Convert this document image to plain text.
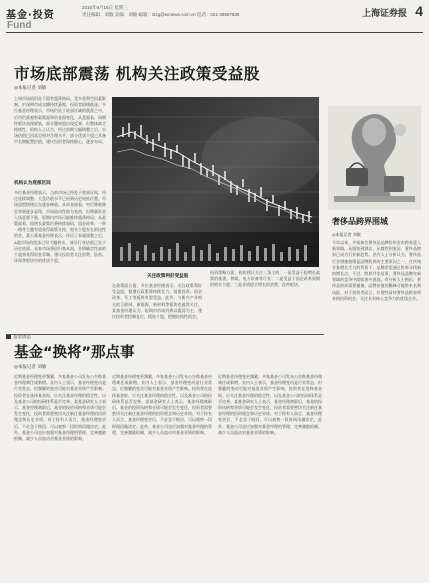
基金·投资
Fund
2015年9月16日 星期三
责任编辑：刘敏 美编：刘敏 邮箱：stzg@scnews.com.cn 电话：021-38967538	上海证券报 4
市场底部震荡 机构关注政策受益股
◎本报记者 刘敏
上周市场依旧处于弱势震荡格局，受多重利空因素影响，沪深两市成交额持续萎缩，投资者情绪低迷。多位基金经理表示，市场仍处于底部区域的震荡之中，后市仍需观察政策面和资金面变化。从盘面看，周期性板块表现疲软，部分题材股出现反弹，但整体缺乏持续性。机构人士认为，经过前期大幅调整之后，市场估值已回落至相对合理水平，部分优质个股已具备中长期配置价值，建议投资者保持耐心，逐步布局。
机构认为底部区间
多位基金经理表示，当前市场已经处于底部区间，经过连续调整，大盘估值水平已回到历史较低位置，市场恐慌情绪正在逐步释放。从资金面看，央行降准降息效果逐步显现，市场流动性较为充裕，但增量资金入场意愿不强，短期内市场可能维持震荡格局。从政策面看，稳增长政策仍将持续加码，国企改革、一带一路等主题有望获得政策支持，相关个股存在阶段性机会。某公募基金经理表示，经历了本轮调整之后，A股市场的泡沫已经大幅挤出，部分行业估值已处于历史底部。未来市场将回归基本面，业绩确定性高的个股将获得资金青睐，建议投资者关注消费、医药、环保等板块中的优质个股。
关注政策利好受益股
在政策面方面，多位基金经理表示，关注政策利好受益股，稳增长政策将持续发力，基建投资、国企改革、军工等板块有望受益。此外，与新兴产业相关的互联网、新能源、新材料等板块也值得关注。某基金经理认为，短期内市场仍将以震荡为主，建议投资者控制仓位，精选个股，把握结构性机会。
投资策略方面，机构建议关注三条主线：一是受益于稳增长政策的基建、铁路、电力设备等行业；二是受益于国企改革预期的相关个股；三是业绩稳定增长的消费、医药板块。
奢侈品跨界围城
◎本报记者 刘敏
今年以来，多家知名奢侈品品牌纷纷宣布跨界进入新领域，从服装到酒店，从餐饮到家居，奢侈品跨界已成为行业新趋势。业内人士分析认为，奢侈品行业增速放缓是品牌跨界的主要原因之一，在传统业务增长乏力的背景下，品牌希望通过跨界寻找新的增长点。不过，跨界并非易事，奢侈品品牌在新领域的竞争中面临诸多挑战。有分析人士指出，奢侈品跨界需要谨慎，品牌价值的稀释可能带来长期风险。对于投资者而言，应理性看待奢侈品跨界带来的投资机会，关注具有核心竞争力的优质企业。
基金动态
基金“换将”那点事
◎本报记者 刘敏
近期基金经理变更频繁，多家基金公司发布公告称基金经理离任或新增。业内人士表示，基金经理变动是行业常态，但频繁的变动可能对基金业绩产生影响。投资者在选择基金时，应关注基金经理的稳定性，以及基金公司的投研体系是否完善。某基金研究人士表示，基金经理离职后，基金的投资风格和业绩可能会发生变化，投资者需要密切关注新任基金经理的投资理念和历史业绩。对于持有人而言，基金经理变更后，不必急于赎回，可以观察一段时间再做决定。此外，基金公司也应加强对基金经理的管理，完善激励机制，减少人员流动对基金业绩的影响。
近期基金经理变更频繁，多家基金公司发布公告称基金经理离任或新增。业内人士表示，基金经理变动是行业常态，但频繁的变动可能对基金业绩产生影响。投资者在选择基金时，应关注基金经理的稳定性，以及基金公司的投研体系是否完善。某基金研究人士表示，基金经理离职后，基金的投资风格和业绩可能会发生变化，投资者需要密切关注新任基金经理的投资理念和历史业绩。对于持有人而言，基金经理变更后，不必急于赎回，可以观察一段时间再做决定。此外，基金公司也应加强对基金经理的管理，完善激励机制，减少人员流动对基金业绩的影响。
近期基金经理变更频繁，多家基金公司发布公告称基金经理离任或新增。业内人士表示，基金经理变动是行业常态，但频繁的变动可能对基金业绩产生影响。投资者在选择基金时，应关注基金经理的稳定性，以及基金公司的投研体系是否完善。某基金研究人士表示，基金经理离职后，基金的投资风格和业绩可能会发生变化，投资者需要密切关注新任基金经理的投资理念和历史业绩。对于持有人而言，基金经理变更后，不必急于赎回，可以观察一段时间再做决定。此外，基金公司也应加强对基金经理的管理，完善激励机制，减少人员流动对基金业绩的影响。
